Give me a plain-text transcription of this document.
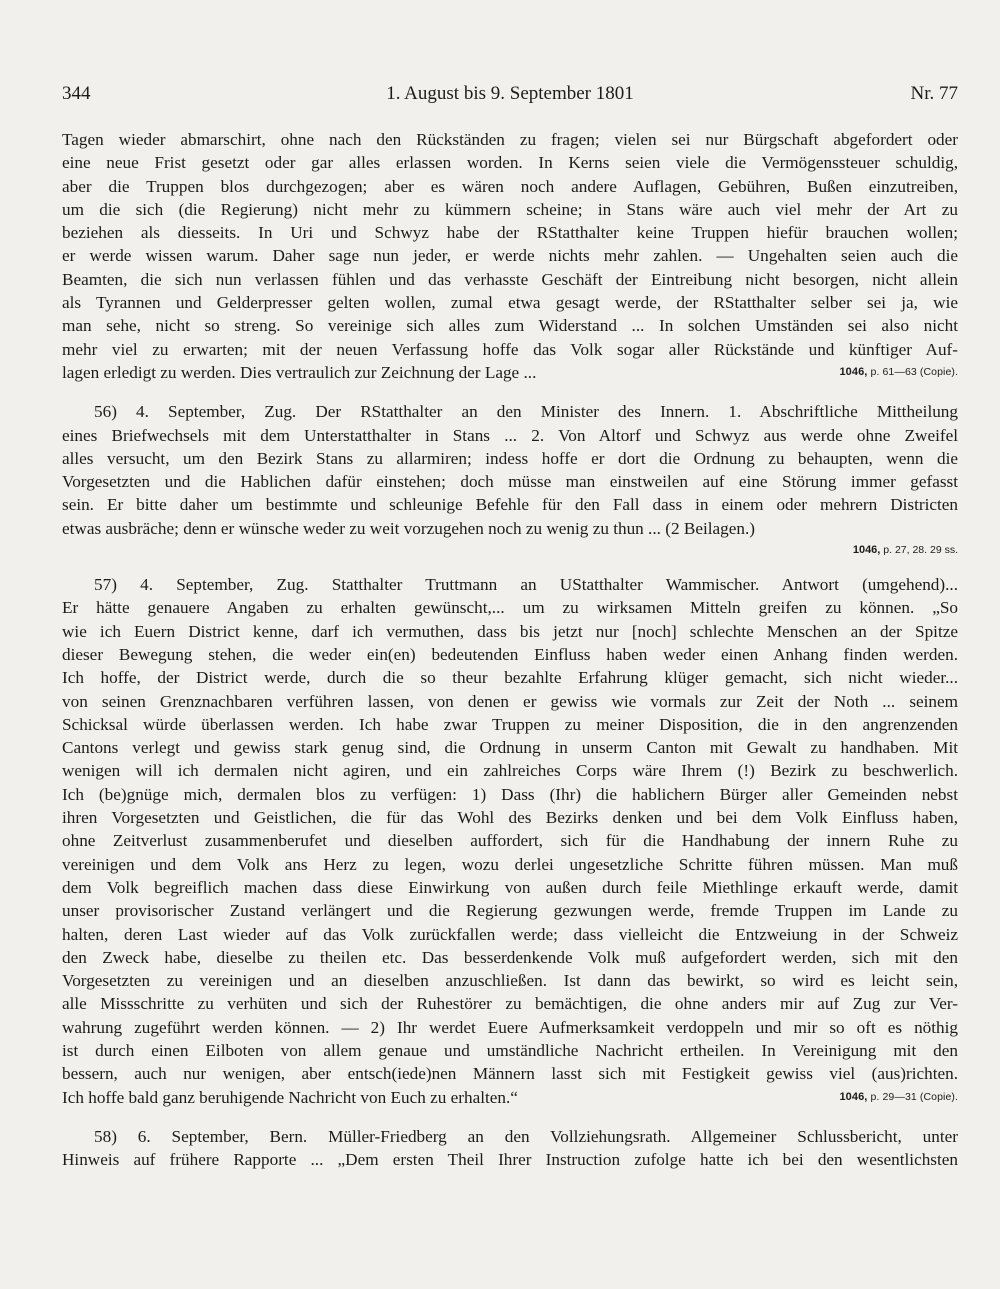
344	1. August bis 9. September 1801	Nr. 77
Tagen wieder abmarschirt, ohne nach den Rückständen zu fragen; vielen sei nur Bürgschaft abgefordert oder
eine neue Frist gesetzt oder gar alles erlassen worden. In Kerns seien viele die Vermögenssteuer schuldig,
aber die Truppen blos durchgezogen; aber es wären noch andere Auflagen, Gebühren, Bußen einzutreiben,
um die sich (die Regierung) nicht mehr zu kümmern scheine; in Stans wäre auch viel mehr der Art zu
beziehen als diesseits. In Uri und Schwyz habe der RStatthalter keine Truppen hiefür brauchen wollen;
er werde wissen warum. Daher sage nun jeder, er werde nichts mehr zahlen. — Ungehalten seien auch die
Beamten, die sich nun verlassen fühlen und das verhasste Geschäft der Eintreibung nicht besorgen, nicht allein
als Tyrannen und Gelderpresser gelten wollen, zumal etwa gesagt werde, der RStatthalter selber sei ja, wie
man sehe, nicht so streng. So vereinige sich alles zum Widerstand ... In solchen Umständen sei also nicht
mehr viel zu erwarten; mit der neuen Verfassung hoffe das Volk sogar aller Rückstände und künftiger Auf-
lagen erledigt zu werden. Dies vertraulich zur Zeichnung der Lage ...	1046, p. 61—63 (Copie).
56) 4. September, Zug. Der RStatthalter an den Minister des Innern. 1. Abschriftliche Mittheilung
eines Briefwechsels mit dem Unterstatthalter in Stans ... 2. Von Altorf und Schwyz aus werde ohne Zweifel
alles versucht, um den Bezirk Stans zu allarmiren; indess hoffe er dort die Ordnung zu behaupten, wenn die
Vorgesetzten und die Hablichen dafür einstehen; doch müsse man einstweilen auf eine Störung immer gefasst
sein. Er bitte daher um bestimmte und schleunige Befehle für den Fall dass in einem oder mehrern Districten
etwas ausbräche; denn er wünsche weder zu weit vorzugehen noch zu wenig zu thun ... (2 Beilagen.)
1046, p. 27, 28. 29 ss.
57) 4. September, Zug. Statthalter Truttmann an UStatthalter Wammischer. Antwort (umgehend)...
Er hätte genauere Angaben zu erhalten gewünscht,... um zu wirksamen Mitteln greifen zu können. „So
wie ich Euern District kenne, darf ich vermuthen, dass bis jetzt nur [noch] schlechte Menschen an der Spitze
dieser Bewegung stehen, die weder ein(en) bedeutenden Einfluss haben weder einen Anhang finden werden.
Ich hoffe, der District werde, durch die so theur bezahlte Erfahrung klüger gemacht, sich nicht wieder...
von seinen Grenznachbaren verführen lassen, von denen er gewiss wie vormals zur Zeit der Noth ... seinem
Schicksal würde überlassen werden. Ich habe zwar Truppen zu meiner Disposition, die in den angrenzenden
Cantons verlegt und gewiss stark genug sind, die Ordnung in unserm Canton mit Gewalt zu handhaben. Mit
wenigen will ich dermalen nicht agiren, und ein zahlreiches Corps wäre Ihrem (!) Bezirk zu beschwerlich.
Ich (be)gnüge mich, dermalen blos zu verfügen: 1) Dass (Ihr) die hablichern Bürger aller Gemeinden nebst
ihren Vorgesetzten und Geistlichen, die für das Wohl des Bezirks denken und bei dem Volk Einfluss haben,
ohne Zeitverlust zusammenberufet und dieselben auffordert, sich für die Handhabung der innern Ruhe zu
vereinigen und dem Volk ans Herz zu legen, wozu derlei ungesetzliche Schritte führen müssen. Man muß
dem Volk begreiflich machen dass diese Einwirkung von außen durch feile Miethlinge erkauft werde, damit
unser provisorischer Zustand verlängert und die Regierung gezwungen werde, fremde Truppen im Lande zu
halten, deren Last wieder auf das Volk zurückfallen werde; dass vielleicht die Entzweiung in der Schweiz
den Zweck habe, dieselbe zu theilen etc. Das besserdenkende Volk muß aufgefordert werden, sich mit den
Vorgesetzten zu vereinigen und an dieselben anzuschließen. Ist dann das bewirkt, so wird es leicht sein,
alle Missschritte zu verhüten und sich der Ruhestörer zu bemächtigen, die ohne anders mir auf Zug zur Ver-
wahrung zugeführt werden können. — 2) Ihr werdet Euere Aufmerksamkeit verdoppeln und mir so oft es nöthig
ist durch einen Eilboten von allem genaue und umständliche Nachricht ertheilen. In Vereinigung mit den
bessern, auch nur wenigen, aber entsch(iede)nen Männern lasst sich mit Festigkeit gewiss viel (aus)richten.
Ich hoffe bald ganz beruhigende Nachricht von Euch zu erhalten.“	1046, p. 29—31 (Copie).
58) 6. September, Bern. Müller-Friedberg an den Vollziehungsrath. Allgemeiner Schlussbericht, unter
Hinweis auf frühere Rapporte ... „Dem ersten Theil Ihrer Instruction zufolge hatte ich bei den wesentlichsten
